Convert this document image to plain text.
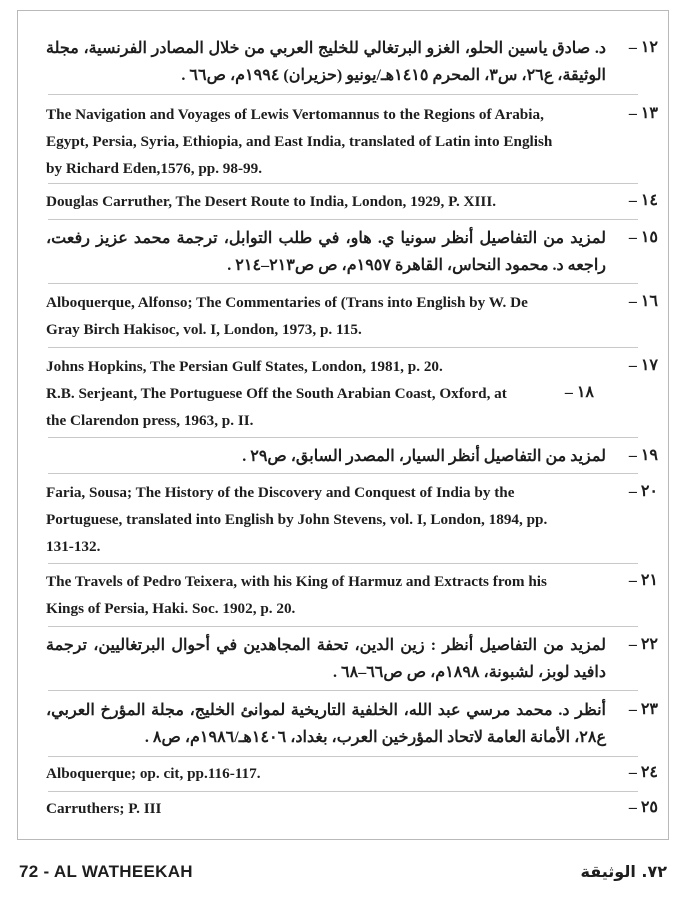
١٢ –
د. صادق ياسين الحلو، الغزو البرتغالي للخليج العربي من خلال المصادر الفرنسية، مجلة الوثيقة، ع٢٦، س٣، المحرم ١٤١٥هـ/يونيو (حزيران) ١٩٩٤م، ص٦٦ .
١٣ –
The Navigation and Voyages of Lewis Vertomannus to the Regions of Arabia,
Egypt, Persia, Syria, Ethiopia, and East India, translated of Latin into English
by Richard Eden,1576, pp. 98-99.
١٤ –
Douglas Carruther, The Desert Route to India, London, 1929, P. XIII.
١٥ –
لمزيد من التفاصيل أنظر سونيا ي. هاو، في طلب التوابل، ترجمة محمد عزيز رفعت، راجعه د. محمود النحاس، القاهرة ١٩٥٧م، ص ص٢١٣–٢١٤ .
١٦ –
Alboquerque, Alfonso; The Commentaries of (Trans into English by W. De
Gray Birch Hakisoc, vol. I, London, 1973, p. 115.
١٧ –
Johns Hopkins, The Persian Gulf States, London, 1981, p. 20.
١٨ –
R.B. Serjeant, The Portuguese Off the South Arabian Coast, Oxford, at
the Clarendon press, 1963, p. II.
١٩ –
لمزيد من التفاصيل أنظر السيار، المصدر السابق، ص٢٩ .
٢٠ –
Faria, Sousa; The History of the Discovery and Conquest of India by the
Portuguese, translated into English by John Stevens, vol. I, London, 1894, pp.
131-132.
٢١ –
The Travels of Pedro Teixera, with his King of Harmuz and Extracts from his
Kings of Persia, Haki. Soc. 1902, p. 20.
٢٢ –
لمزيد من التفاصيل أنظر : زين الدين، تحفة المجاهدين في أحوال البرتغاليين، ترجمة دافيد لوبز، لشبونة، ١٨٩٨م، ص ص٦٦–٦٨ .
٢٣ –
أنظر د. محمد مرسي عبد الله، الخلفية التاريخية لموانئ الخليج، مجلة المؤرخ العربي، ع٢٨، الأمانة العامة لاتحاد المؤرخين العرب، بغداد، ١٤٠٦هـ/١٩٨٦م، ص٨ .
٢٤ –
Alboquerque; op. cit, pp.116-117.
٢٥ –
Carruthers; P. III
72 - AL WATHEEKAH	٧٢. الوثيقة
